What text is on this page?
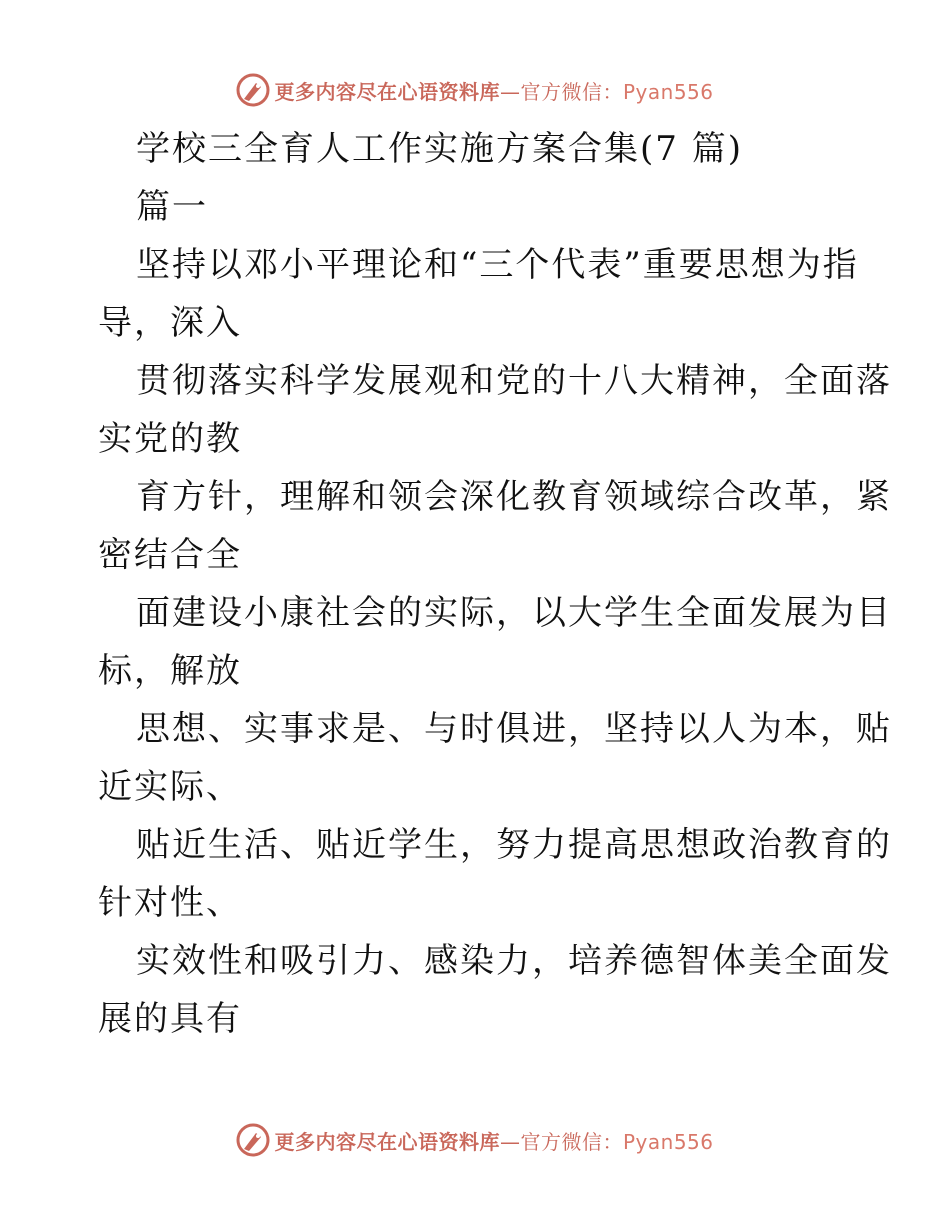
更多内容尽在心语资料库—官方微信：Pyan556
学校三全育人工作实施方案合集(7 篇)
篇一
坚持以邓小平理论和“三个代表”重要思想为指
导，深入
贯彻落实科学发展观和党的十八大精神，全面落
实党的教
育方针，理解和领会深化教育领域综合改革，紧
密结合全
面建设小康社会的实际，以大学生全面发展为目
标，解放
思想、实事求是、与时俱进，坚持以人为本，贴
近实际、
贴近生活、贴近学生，努力提高思想政治教育的
针对性、
实效性和吸引力、感染力，培养德智体美全面发
展的具有
更多内容尽在心语资料库—官方微信：Pyan556
